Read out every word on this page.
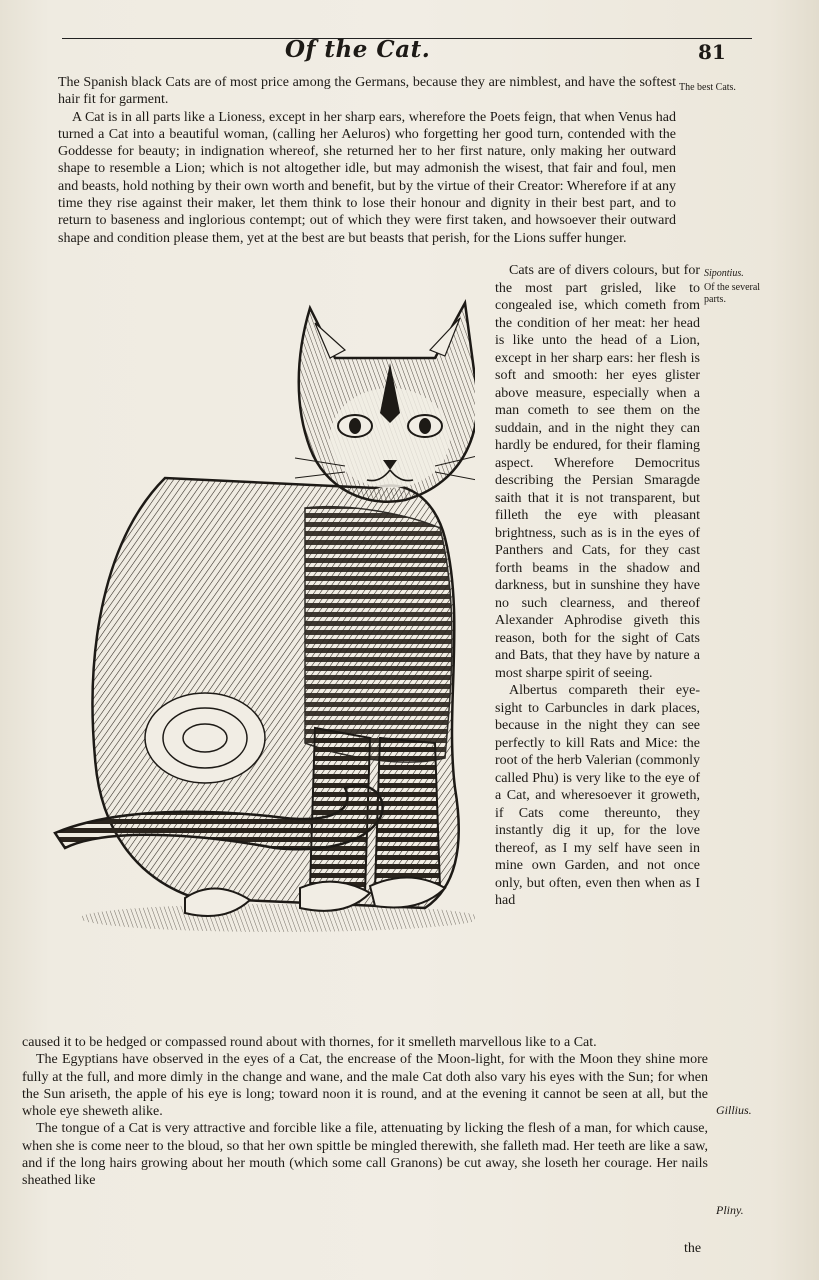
Of the Cat.	81

The Spanish black Cats are of most price among the Germans, because they are nimblest, and have the softest hair fit for garment.

A Cat is in all parts like a Lioness, except in her sharp ears, wherefore the Poets feign, that when Venus had turned a Cat into a beautiful woman, (calling her Aeluros) who forgetting her good turn, contended with the Goddesse for beauty; in indignation whereof, she returned her to her first nature, only making her outward shape to resemble a Lion; which is not altogether idle, but may admonish the wisest, that fair and foul, men and beasts, hold nothing by their own worth and benefit, but by the virtue of their Creator: Wherefore if at any time they rise against their maker, let them think to lose their honour and dignity in their best part, and to return to baseness and inglorious contempt; out of which they were first taken, and howsoever their outward shape and condition please them, yet at the best are but beasts that perish, for the Lions suffer hunger.

The best Cats.

Cats are of divers colours, but for the most part grisled, like to congealed ise, which cometh from the condition of her meat: her head is like unto the head of a Lion, except in her sharp ears: her flesh is soft and smooth: her eyes glister above measure, especially when a man cometh to see them on the suddain, and in the night they can hardly be endured, for their flaming aspect. Wherefore Democritus describing the Persian Smaragde saith that it is not transparent, but filleth the eye with pleasant brightness, such as is in the eyes of Panthers and Cats, for they cast forth beams in the shadow and darkness, but in sunshine they have no such clearness, and thereof Alexander Aphrodise giveth this reason, both for the sight of Cats and Bats, that they have by nature a most sharpe spirit of seeing.

Albertus compareth their eye-sight to Carbuncles in dark places, because in the night they can see perfectly to kill Rats and Mice: the root of the herb Valerian (commonly called Phu) is very like to the eye of a Cat, and wheresoever it groweth, if Cats come thereunto, they instantly dig it up, for the love thereof, as I my self have seen in mine own Garden, and not once only, but often, even then when as I had

Sipontius.
Of the several parts.

caused it to be hedged or compassed round about with thornes, for it smelleth marvellous like to a Cat.

The Egyptians have observed in the eyes of a Cat, the encrease of the Moon-light, for with the Moon they shine more fully at the full, and more dimly in the change and wane, and the male Cat doth also vary his eyes with the Sun; for when the Sun ariseth, the apple of his eye is long; toward noon it is round, and at the evening it cannot be seen at all, but the whole eye sheweth alike.

The tongue of a Cat is very attractive and forcible like a file, attenuating by licking the flesh of a man, for which cause, when she is come neer to the bloud, so that her own spittle be mingled therewith, she falleth mad. Her teeth are like a saw, and if the long hairs growing about her mouth (which some call Granons) be cut away, she loseth her courage. Her nails sheathed like

Gillius.
Pliny.
the
